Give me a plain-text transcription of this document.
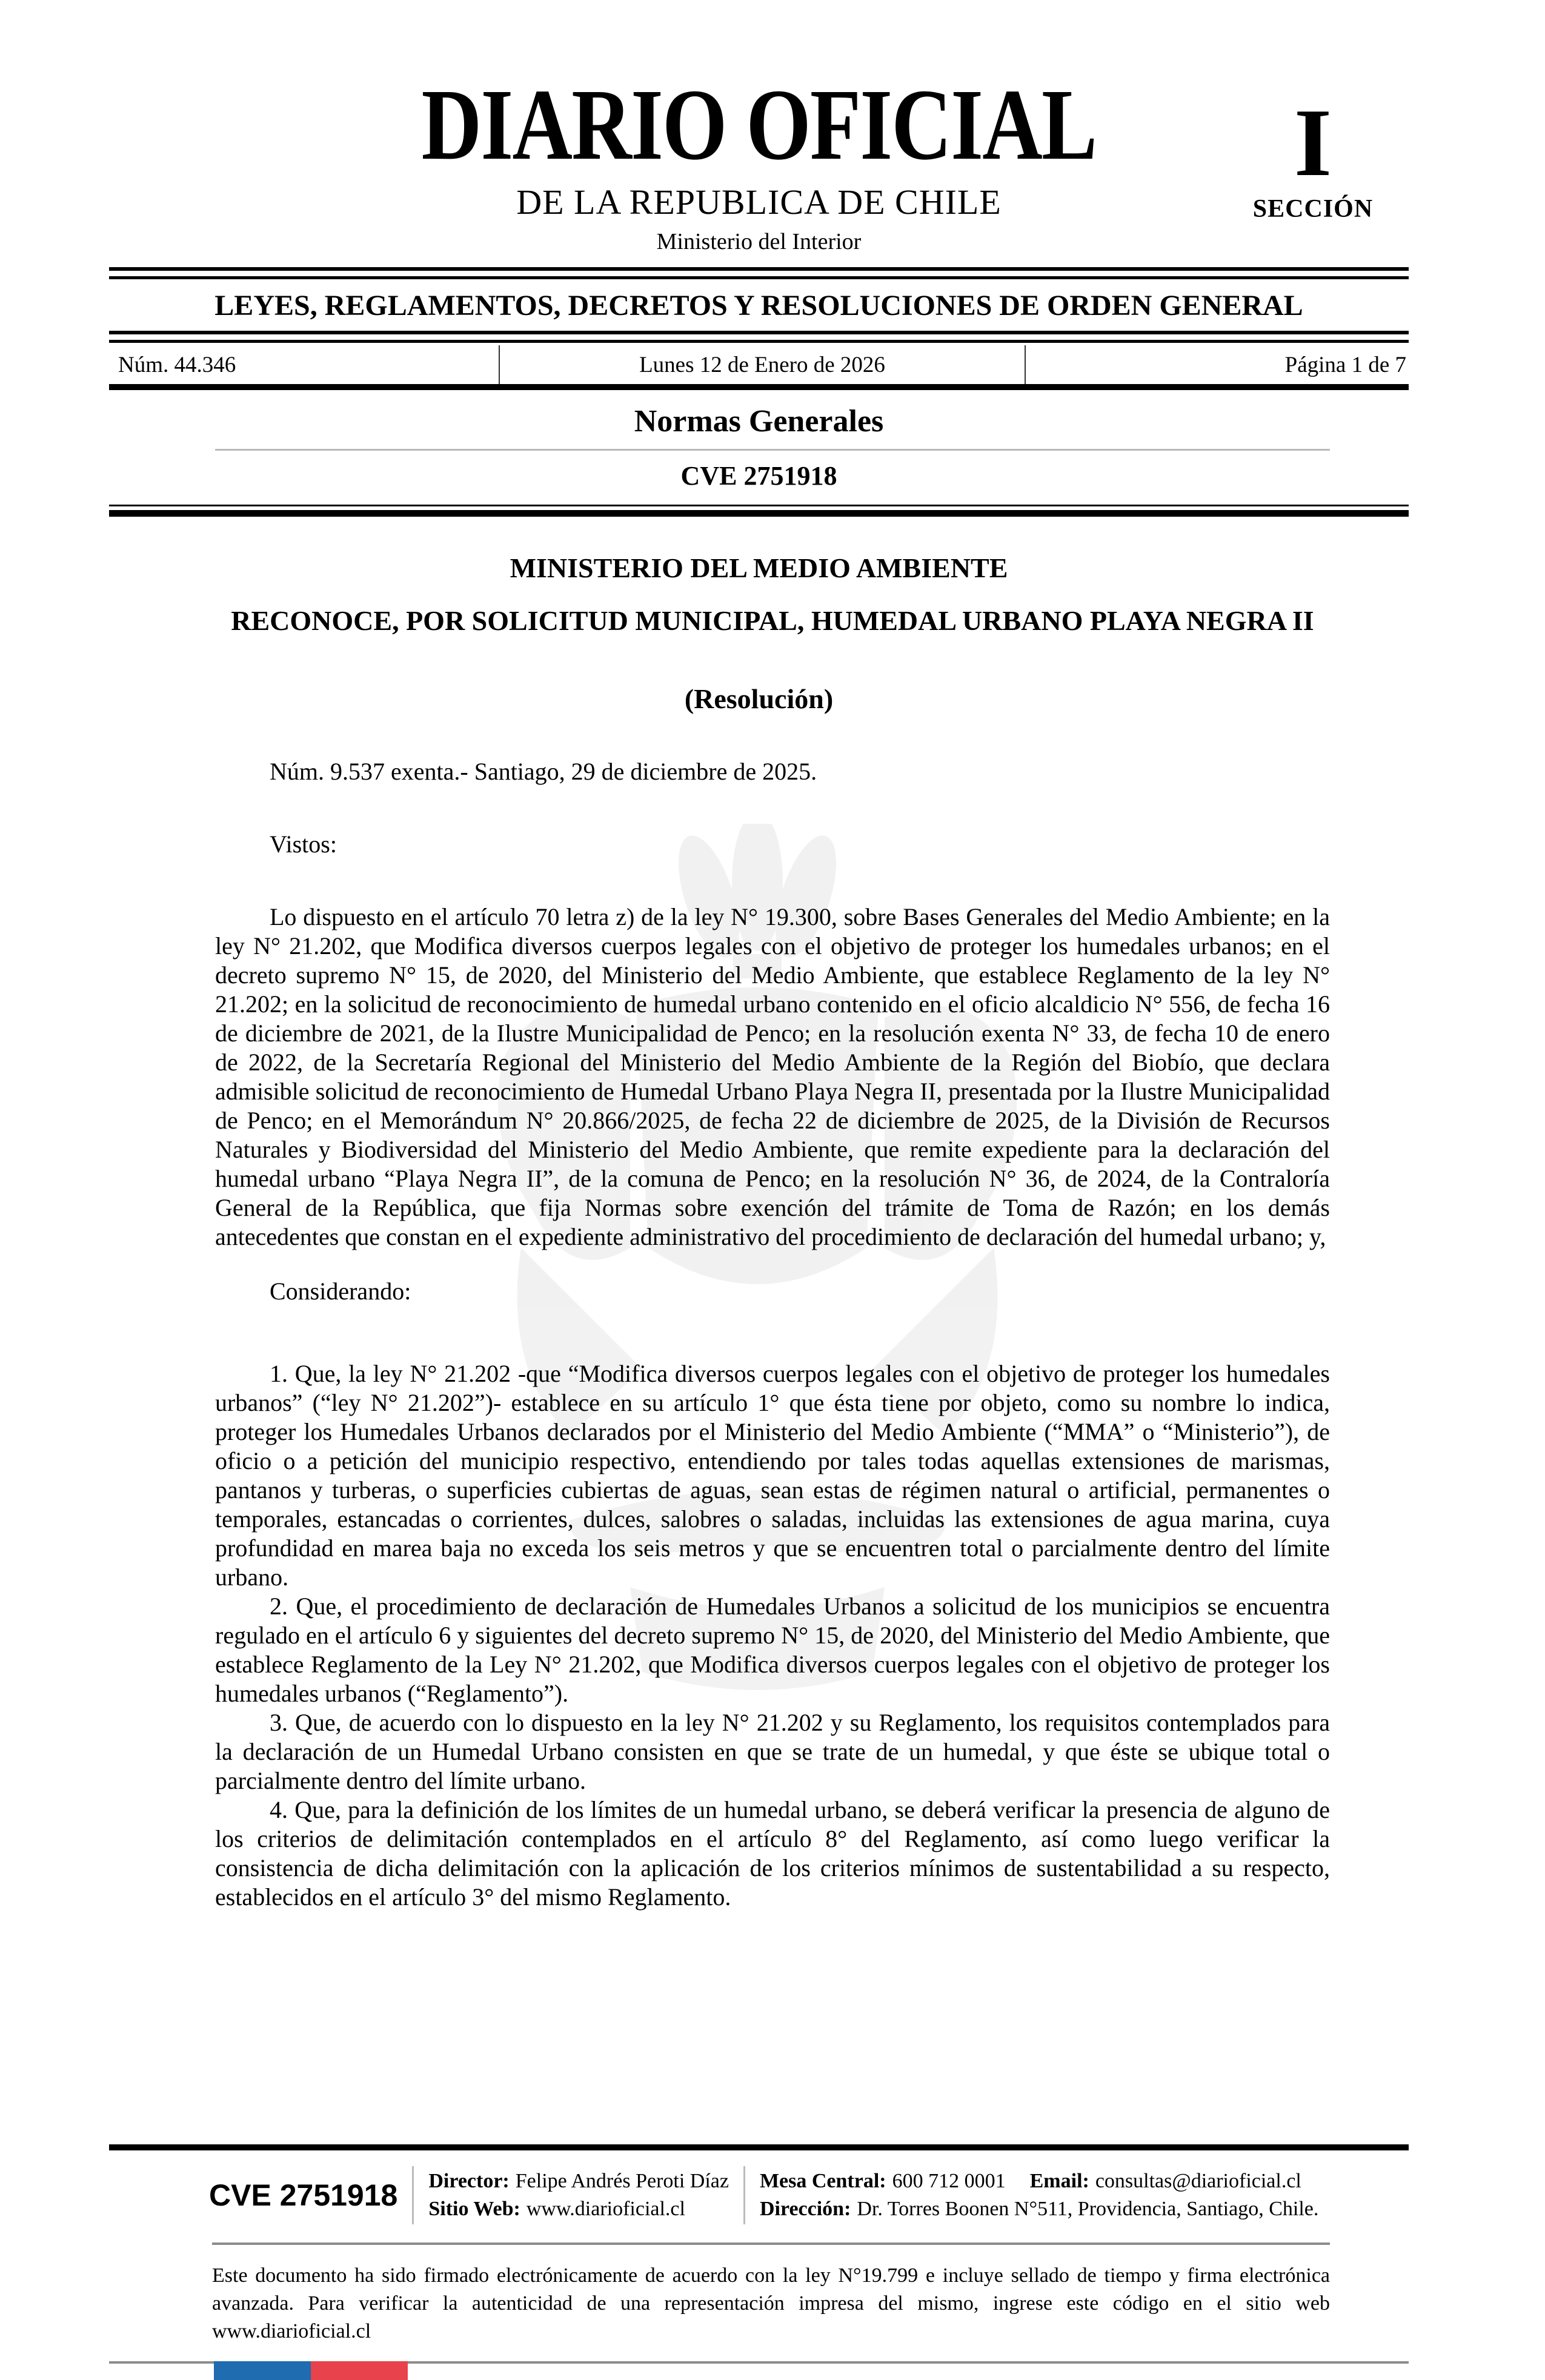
DIARIO OFICIAL
DE LA REPUBLICA DE CHILE
Ministerio del Interior
I
SECCIÓN
LEYES, REGLAMENTOS, DECRETOS Y RESOLUCIONES DE ORDEN GENERAL
Núm. 44.346	Lunes 12 de Enero de 2026	Página 1 de 7
Normas Generales
CVE 2751918
MINISTERIO DEL MEDIO AMBIENTE
RECONOCE, POR SOLICITUD MUNICIPAL, HUMEDAL URBANO PLAYA NEGRA II
(Resolución)

Núm. 9.537 exenta.- Santiago, 29 de diciembre de 2025.

Vistos:

Lo dispuesto en el artículo 70 letra z) de la ley N° 19.300, sobre Bases Generales del Medio Ambiente; en la ley N° 21.202, que Modifica diversos cuerpos legales con el objetivo de proteger los humedales urbanos; en el decreto supremo N° 15, de 2020, del Ministerio del Medio Ambiente, que establece Reglamento de la ley N° 21.202; en la solicitud de reconocimiento de humedal urbano contenido en el oficio alcaldicio N° 556, de fecha 16 de diciembre de 2021, de la Ilustre Municipalidad de Penco; en la resolución exenta N° 33, de fecha 10 de enero de 2022, de la Secretaría Regional del Ministerio del Medio Ambiente de la Región del Biobío, que declara admisible solicitud de reconocimiento de Humedal Urbano Playa Negra II, presentada por la Ilustre Municipalidad de Penco; en el Memorándum N° 20.866/2025, de fecha 22 de diciembre de 2025, de la División de Recursos Naturales y Biodiversidad del Ministerio del Medio Ambiente, que remite expediente para la declaración del humedal urbano “Playa Negra II”, de la comuna de Penco; en la resolución N° 36, de 2024, de la Contraloría General de la República, que fija Normas sobre exención del trámite de Toma de Razón; en los demás antecedentes que constan en el expediente administrativo del procedimiento de declaración del humedal urbano; y,

Considerando:

1. Que, la ley N° 21.202 -que “Modifica diversos cuerpos legales con el objetivo de proteger los humedales urbanos” (“ley N° 21.202”)- establece en su artículo 1° que ésta tiene por objeto, como su nombre lo indica, proteger los Humedales Urbanos declarados por el Ministerio del Medio Ambiente (“MMA” o “Ministerio”), de oficio o a petición del municipio respectivo, entendiendo por tales todas aquellas extensiones de marismas, pantanos y turberas, o superficies cubiertas de aguas, sean estas de régimen natural o artificial, permanentes o temporales, estancadas o corrientes, dulces, salobres o saladas, incluidas las extensiones de agua marina, cuya profundidad en marea baja no exceda los seis metros y que se encuentren total o parcialmente dentro del límite urbano.

2. Que, el procedimiento de declaración de Humedales Urbanos a solicitud de los municipios se encuentra regulado en el artículo 6 y siguientes del decreto supremo N° 15, de 2020, del Ministerio del Medio Ambiente, que establece Reglamento de la Ley N° 21.202, que Modifica diversos cuerpos legales con el objetivo de proteger los humedales urbanos (“Reglamento”).

3. Que, de acuerdo con lo dispuesto en la ley N° 21.202 y su Reglamento, los requisitos contemplados para la declaración de un Humedal Urbano consisten en que se trate de un humedal, y que éste se ubique total o parcialmente dentro del límite urbano.

4. Que, para la definición de los límites de un humedal urbano, se deberá verificar la presencia de alguno de los criterios de delimitación contemplados en el artículo 8° del Reglamento, así como luego verificar la consistencia de dicha delimitación con la aplicación de los criterios mínimos de sustentabilidad a su respecto, establecidos en el artículo 3° del mismo Reglamento.

CVE 2751918 Director: Felipe Andrés Peroti Díaz
Sitio Web: www.diarioficial.cl
Mesa Central: 600 712 0001 Email: consultas@diarioficial.cl
Dirección: Dr. Torres Boonen N°511, Providencia, Santiago, Chile.

Este documento ha sido firmado electrónicamente de acuerdo con la ley N°19.799 e incluye sellado de tiempo y firma electrónica avanzada. Para verificar la autenticidad de una representación impresa del mismo, ingrese este código en el sitio web www.diarioficial.cl
